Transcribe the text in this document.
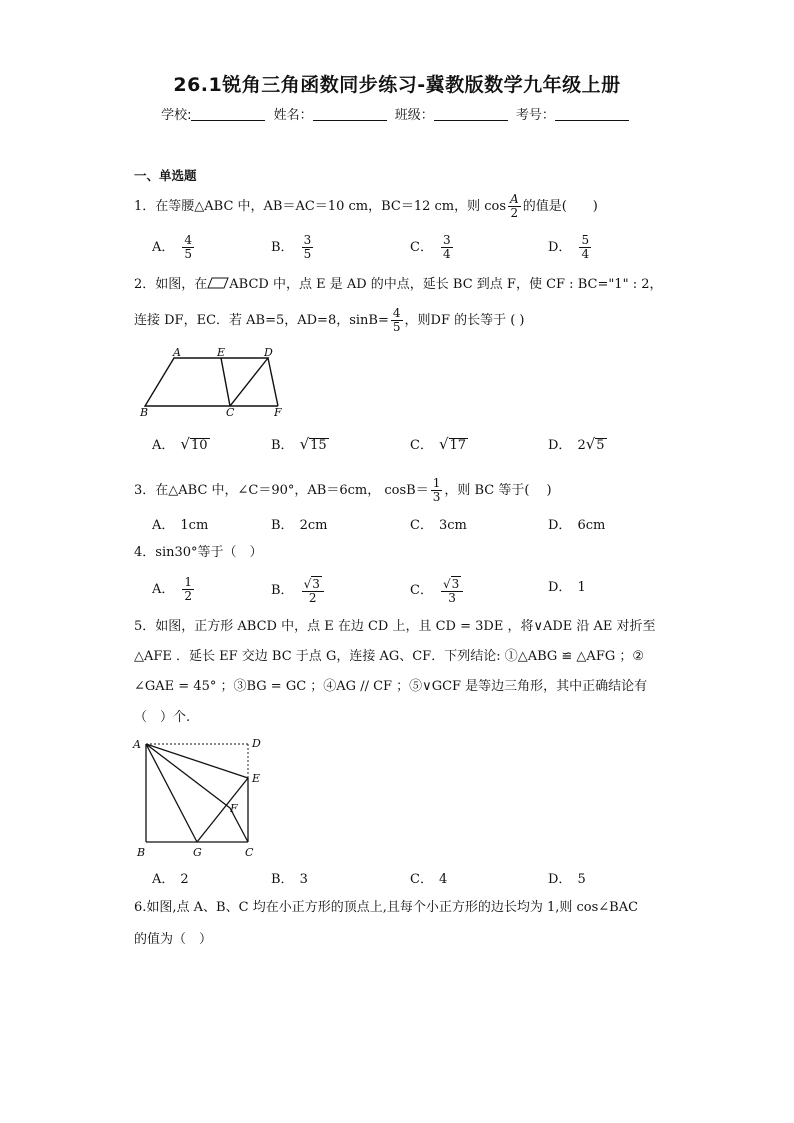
26.1锐角三角函数同步练习-冀教版数学九年级上册
学校:	姓名：	班级：	考号：
一、单选题
1．在等腰△ABC 中，AB＝AC＝10 cm，BC＝12 cm，则 $\cos \frac{A}{2}$ 的值是(　　)
A． $\frac{4}{5}$	B． $\frac{3}{5}$	C． $\frac{3}{4}$	D． $\frac{5}{4}$
2．如图，在 ABCD 中，点 E 是 AD 的中点，延长 BC 到点 F，使 CF : BC="1" : 2，
连接 DF，EC．若 AB=5，AD=8，$\sin B= \frac{4}{5}$ ，则DF 的长等于 ( )
A	E	D
B	C	F
A． √10	B． √15	C． √17	D． 2√5
3．在△ABC 中，∠C＝90°，AB＝6cm， $\cos B= \frac{1}{3}$ ，则 BC 等于(　 )
A． 1cm	B． 2cm	C． 3cm	D． 6cm
4．sin30°等于（　）
A． $\frac{1}{2}$	B． $\frac{√3}{2}$	C． $\frac{√3}{3}$	D． 1
5．如图，正方形 ABCD 中，点 E 在边 CD 上，且 CD = 3DE ，将∨ADE 沿 AE 对折至
△AFE ．延长 EF 交边 BC 于点 G，连接 AG、CF．下列结论: ①△ABG ≌ △AFG ；②
∠GAE = 45° ；③BG = GC ；④AG // CF ；⑤∨GCF 是等边三角形，其中正确结论有
（　）个.
A	D
E
F
B	G	C
A． 2	B． 3	C． 4	D． 5
6.如图,点 A、B、C 均在小正方形的顶点上,且每个小正方形的边长均为 1,则 cos∠BAC
的值为（　）
